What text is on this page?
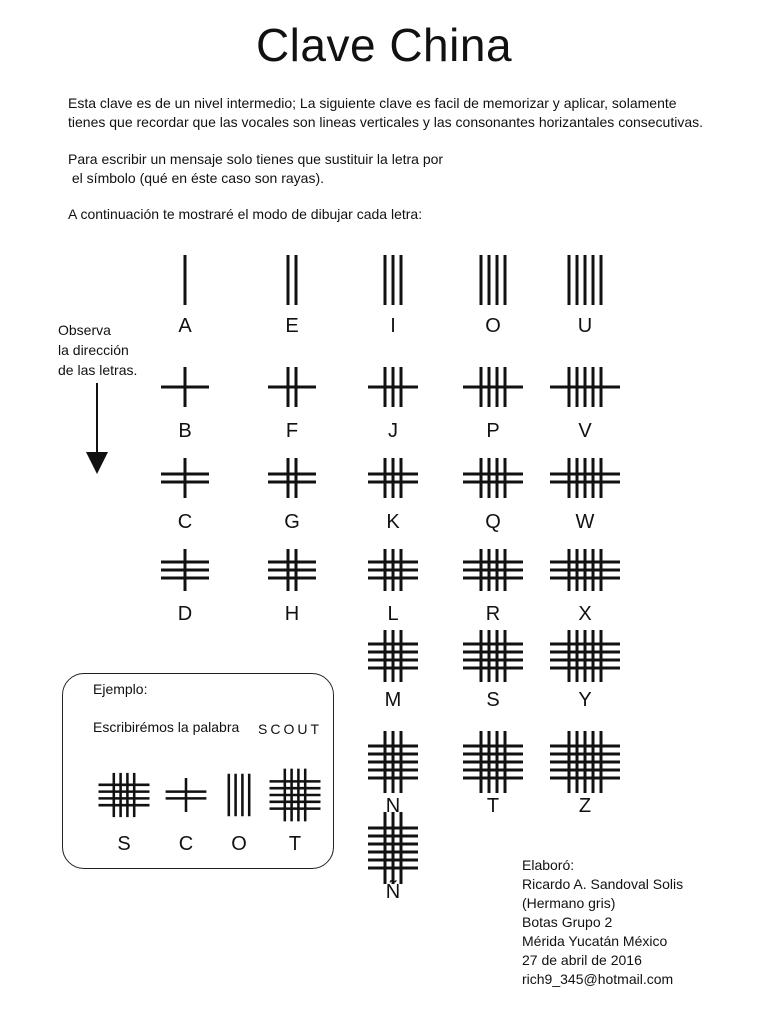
Clave China

Esta clave es de un nivel intermedio; La siguiente clave es facil de memorizar y aplicar, solamente

tienes que recordar que las vocales son lineas verticales y las consonantes horizantales consecutivas.

Para escribir un mensaje solo tienes que sustituir la letra por

el símbolo (qué en éste caso son rayas).

A continuación te mostraré el modo de dibujar cada letra:

Observa
la dirección
de las letras.
Ejemplo:
Escribirémos la palabra SCOUT
Elaboró:
Ricardo A. Sandoval Solis
(Hermano gris)
Botas Grupo 2
Mérida Yucatán México
27 de abril de 2016
rich9_345@hotmail.com
A	E	I	O	U
B	F	J	P	V
C	G	K	Q	W
D	H	L	R	X
M	S	Y
N	T	Z
Ñ
S C O T
